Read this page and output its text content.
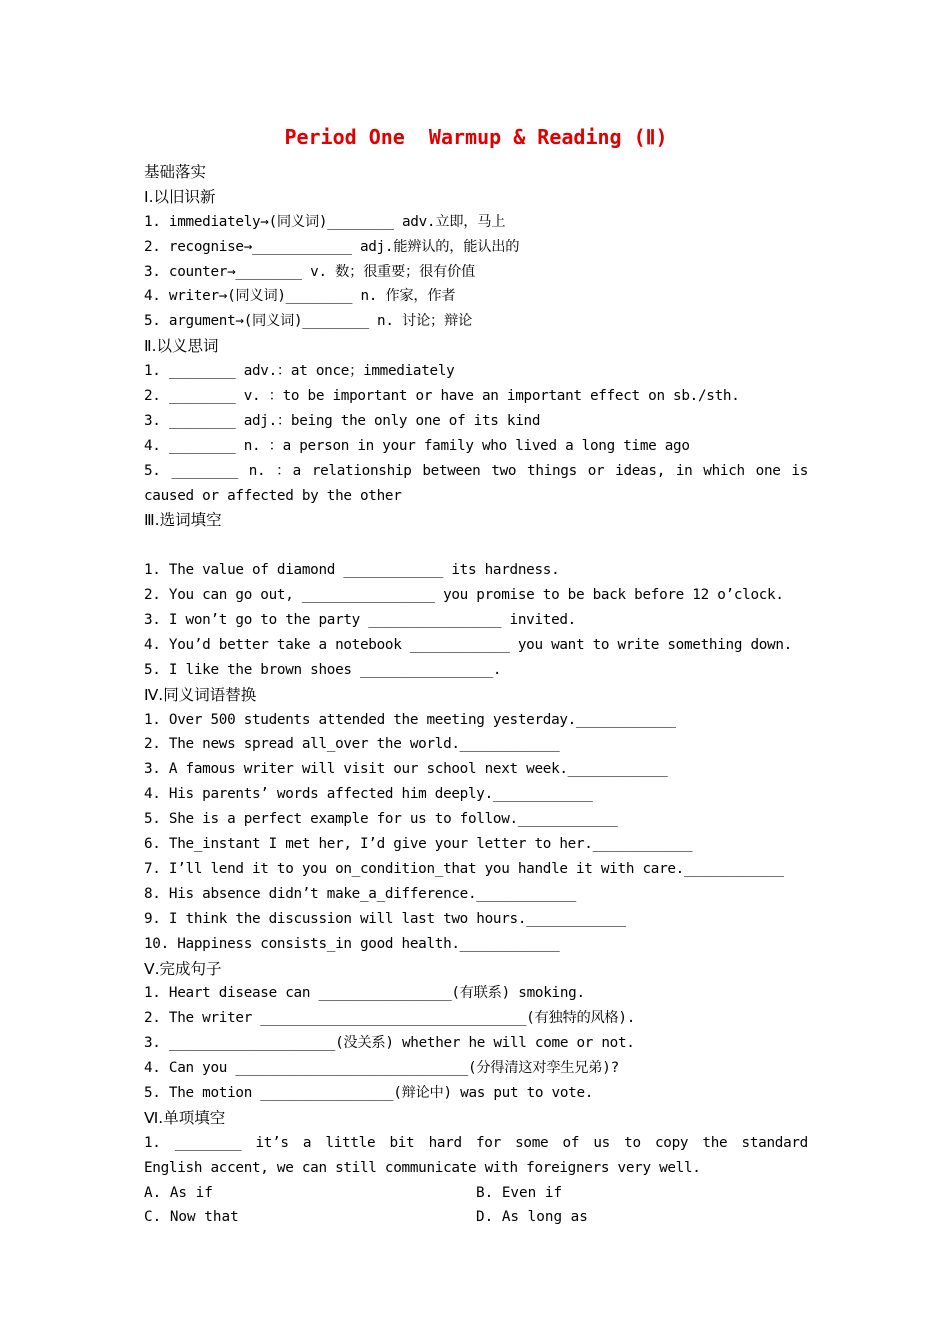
Period One  Warmup & Reading (Ⅱ)
基础落实
Ⅰ.以旧识新
1. immediately→(同义词)________ adv.立即，马上
2. recognise→____________ adj.能辨认的，能认出的
3. counter→________ v. 数；很重要；很有价值
4. writer→(同义词)________ n. 作家，作者
5. argument→(同义词)________ n. 讨论；辩论
Ⅱ.以义思词
1. ________ adv.：at once；immediately
2. ________ v. ：to be important or have an important effect on sb./sth.
3. ________ adj.：being the only one of its kind
4. ________ n. ：a person in your family who lived a long time ago
5. ________ n. ：a relationship between two things or ideas, in which one is
caused or affected by the other
Ⅲ.选词填空
1. The value of diamond ____________ its hardness.
2. You can go out, ________________ you promise to be back before 12 o’clock.
3. I won’t go to the party ________________ invited.
4. You’d better take a notebook ____________ you want to write something down.
5. I like the brown shoes ________________.
Ⅳ.同义词语替换
1. Over 500 students attended the meeting yesterday.____________
2. The news spread all_over the world.____________
3. A famous writer will visit our school next week.____________
4. His parents’ words affected him deeply.____________
5. She is a perfect example for us to follow.____________
6. The_instant I met her, I’d give your letter to her.____________
7. I’ll lend it to you on_condition_that you handle it with care.____________
8. His absence didn’t make_a_difference.____________
9. I think the discussion will last two hours.____________
10. Happiness consists_in good health.____________
Ⅴ.完成句子
1. Heart disease can ________________(有联系) smoking.
2. The writer ________________________________(有独特的风格).
3. ____________________(没关系) whether he will come or not.
4. Can you ____________________________(分得清这对孪生兄弟)?
5. The motion ________________(辩论中) was put to vote.
Ⅵ.单项填空
1. ________ it’s a little bit hard for some of us to copy the standard
English accent, we can still communicate with foreigners very well.
A. As if	B. Even if
C. Now that	D. As long as
